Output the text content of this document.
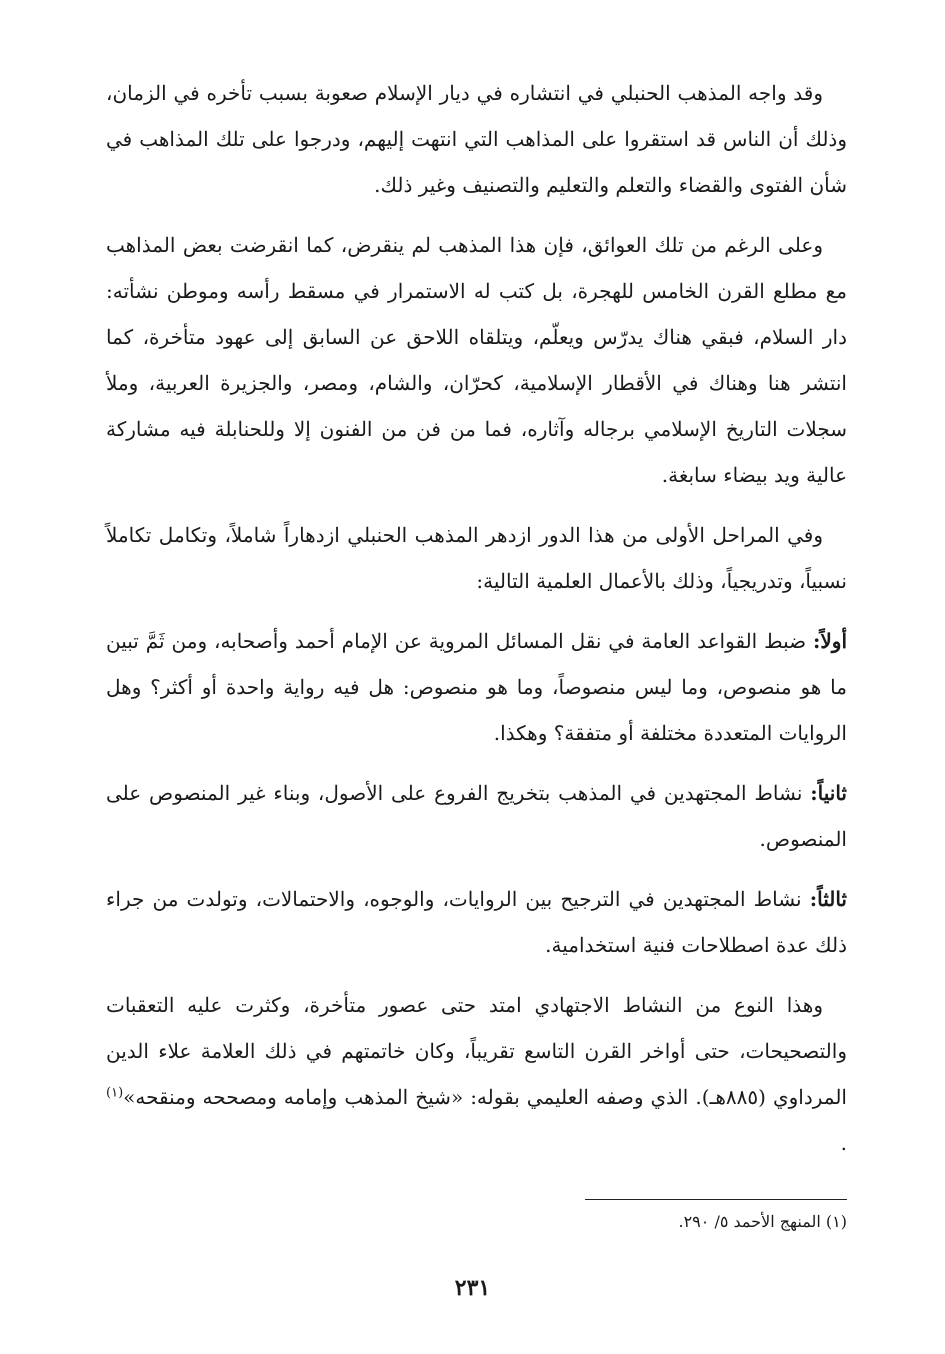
وقد واجه المذهب الحنبلي في انتشاره في ديار الإسلام صعوبة بسبب تأخره في الزمان، وذلك أن الناس قد استقروا على المذاهب التي انتهت إليهم، ودرجوا على تلك المذاهب في شأن الفتوى والقضاء والتعلم والتعليم والتصنيف وغير ذلك.

وعلى الرغم من تلك العوائق، فإن هذا المذهب لم ينقرض، كما انقرضت بعض المذاهب مع مطلع القرن الخامس للهجرة، بل كتب له الاستمرار في مسقط رأسه وموطن نشأته: دار السلام، فبقي هناك يدرّس ويعلّم، ويتلقاه اللاحق عن السابق إلى عهود متأخرة، كما انتشر هنا وهناك في الأقطار الإسلامية، كحرّان، والشام، ومصر، والجزيرة العربية، وملأ سجلات التاريخ الإسلامي برجاله وآثاره، فما من فن من الفنون إلا وللحنابلة فيه مشاركة عالية ويد بيضاء سابغة.

وفي المراحل الأولى من هذا الدور ازدهر المذهب الحنبلي ازدهاراً شاملاً، وتكامل تكاملاً نسبياً، وتدريجياً، وذلك بالأعمال العلمية التالية:

أولاً: ضبط القواعد العامة في نقل المسائل المروية عن الإمام أحمد وأصحابه، ومن ثَمَّ تبين ما هو منصوص، وما ليس منصوصاً، وما هو منصوص: هل فيه رواية واحدة أو أكثر؟ وهل الروايات المتعددة مختلفة أو متفقة؟ وهكذا.

ثانياً: نشاط المجتهدين في المذهب بتخريج الفروع على الأصول، وبناء غير المنصوص على المنصوص.

ثالثاً: نشاط المجتهدين في الترجيح بين الروايات، والوجوه، والاحتمالات، وتولدت من جراء ذلك عدة اصطلاحات فنية استخدامية.

وهذا النوع من النشاط الاجتهادي امتد حتى عصور متأخرة، وكثرت عليه التعقبات والتصحيحات، حتى أواخر القرن التاسع تقريباً، وكان خاتمتهم في ذلك العلامة علاء الدين المرداوي (٨٨٥هـ). الذي وصفه العليمي بقوله: «شيخ المذهب وإمامه ومصححه ومنقحه»$^{(١)}$ .

(١) المنهج الأحمد ٥/ ٢٩٠.
٢٣١
